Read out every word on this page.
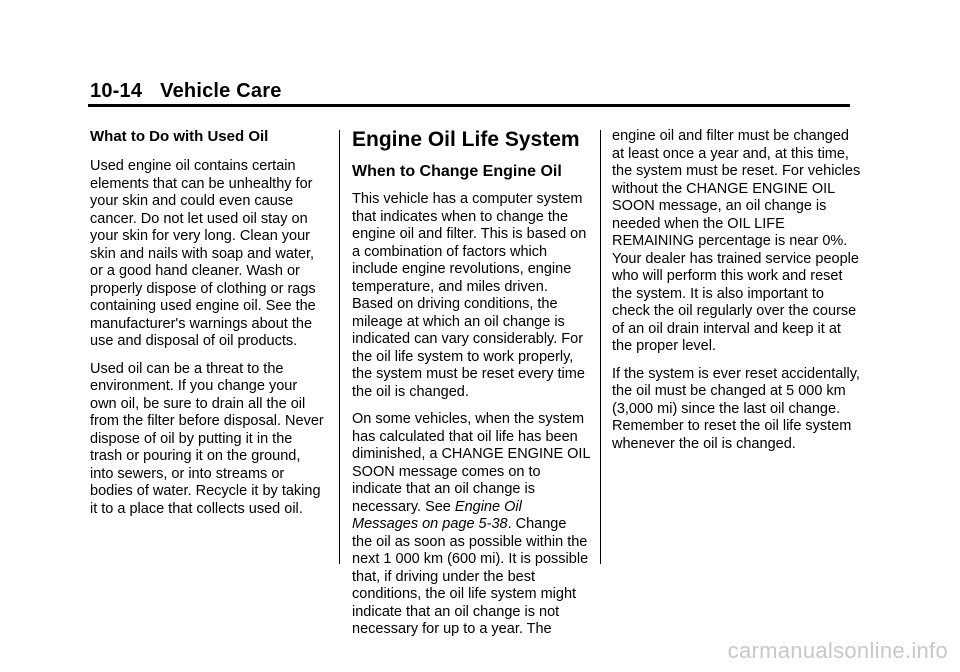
10-14 Vehicle Care
What to Do with Used Oil

Used engine oil contains certain elements that can be unhealthy for your skin and could even cause cancer. Do not let used oil stay on your skin for very long. Clean your skin and nails with soap and water, or a good hand cleaner. Wash or properly dispose of clothing or rags containing used engine oil. See the manufacturer's warnings about the use and disposal of oil products.

Used oil can be a threat to the environment. If you change your own oil, be sure to drain all the oil from the filter before disposal. Never dispose of oil by putting it in the trash or pouring it on the ground, into sewers, or into streams or bodies of water. Recycle it by taking it to a place that collects used oil.

Engine Oil Life System
When to Change Engine Oil

This vehicle has a computer system that indicates when to change the engine oil and filter. This is based on a combination of factors which include engine revolutions, engine temperature, and miles driven. Based on driving conditions, the mileage at which an oil change is indicated can vary considerably. For the oil life system to work properly, the system must be reset every time the oil is changed.

On some vehicles, when the system has calculated that oil life has been diminished, a CHANGE ENGINE OIL SOON message comes on to indicate that an oil change is necessary. See Engine Oil Messages on page 5-38. Change the oil as soon as possible within the next 1 000 km (600 mi). It is possible that, if driving under the best conditions, the oil life system might indicate that an oil change is not necessary for up to a year. The

engine oil and filter must be changed at least once a year and, at this time, the system must be reset. For vehicles without the CHANGE ENGINE OIL SOON message, an oil change is needed when the OIL LIFE REMAINING percentage is near 0%. Your dealer has trained service people who will perform this work and reset the system. It is also important to check the oil regularly over the course of an oil drain interval and keep it at the proper level.

If the system is ever reset accidentally, the oil must be changed at 5 000 km (3,000 mi) since the last oil change. Remember to reset the oil life system whenever the oil is changed.

carmanualsonline.info
